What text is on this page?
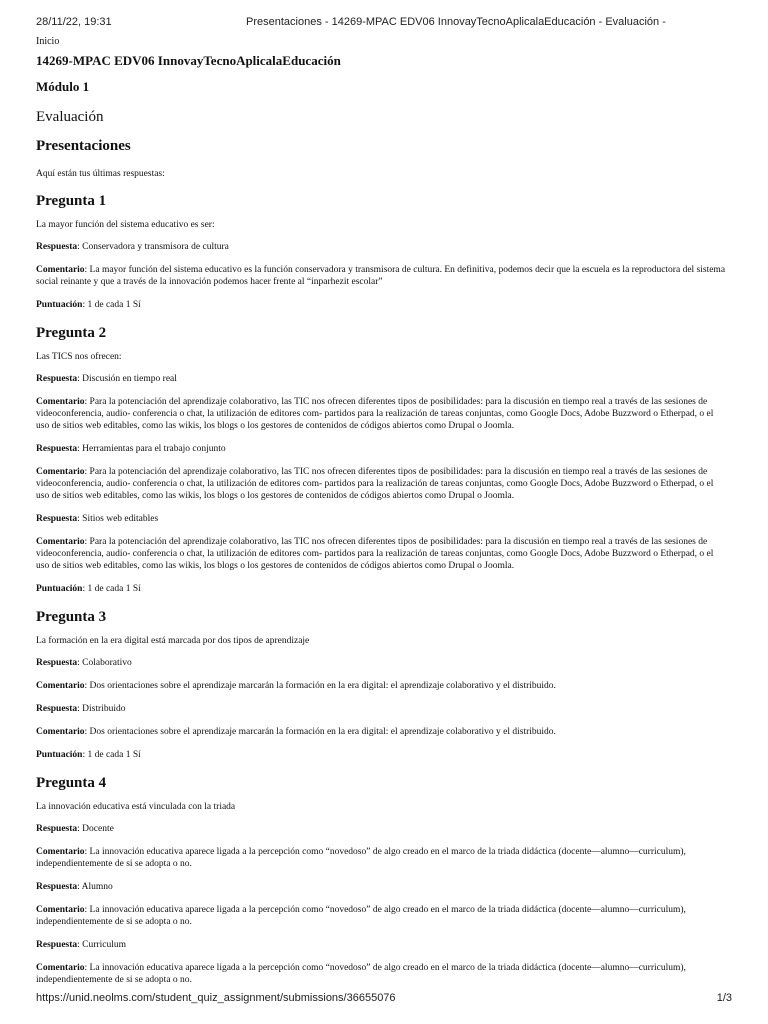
28/11/22, 19:31	Presentaciones - 14269-MPAC EDV06 InnovayTecnoAplicalaEducación - Evaluación -
Inicio
14269-MPAC EDV06 InnovayTecnoAplicalaEducación
Módulo 1
Evaluación
Presentaciones
Aquí están tus últimas respuestas:
Pregunta 1
La mayor función del sistema educativo es ser:
Respuesta: Conservadora y transmisora de cultura
Comentario: La mayor función del sistema educativo es la función conservadora y transmisora de cultura. En definitiva, podemos decir que la escuela es la reproductora del sistema social reinante y que a través de la innovación podemos hacer frente al “inparhezit escolar”
Puntuación: 1 de cada 1 Sí
Pregunta 2
Las TICS nos ofrecen:
Respuesta: Discusión en tiempo real
Comentario: Para la potenciación del aprendizaje colaborativo, las TIC nos ofrecen diferentes tipos de posibilidades: para la discusión en tiempo real a través de las sesiones de videoconferencia, audio- conferencia o chat, la utilización de editores com- partidos para la realización de tareas conjuntas, como Google Docs, Adobe Buzzword o Etherpad, o el uso de sitios web editables, como las wikis, los blogs o los gestores de contenidos de códigos abiertos como Drupal o Joomla.
Respuesta: Herramientas para el trabajo conjunto
Comentario: Para la potenciación del aprendizaje colaborativo, las TIC nos ofrecen diferentes tipos de posibilidades: para la discusión en tiempo real a través de las sesiones de videoconferencia, audio- conferencia o chat, la utilización de editores com- partidos para la realización de tareas conjuntas, como Google Docs, Adobe Buzzword o Etherpad, o el uso de sitios web editables, como las wikis, los blogs o los gestores de contenidos de códigos abiertos como Drupal o Joomla.
Respuesta: Sitios web editables
Comentario: Para la potenciación del aprendizaje colaborativo, las TIC nos ofrecen diferentes tipos de posibilidades: para la discusión en tiempo real a través de las sesiones de videoconferencia, audio- conferencia o chat, la utilización de editores com- partidos para la realización de tareas conjuntas, como Google Docs, Adobe Buzzword o Etherpad, o el uso de sitios web editables, como las wikis, los blogs o los gestores de contenidos de códigos abiertos como Drupal o Joomla.
Puntuación: 1 de cada 1 Sí
Pregunta 3
La formación en la era digital está marcada por dos tipos de aprendizaje
Respuesta: Colaborativo
Comentario: Dos orientaciones sobre el aprendizaje marcarán la formación en la era digital: el aprendizaje colaborativo y el distribuido.
Respuesta: Distribuido
Comentario: Dos orientaciones sobre el aprendizaje marcarán la formación en la era digital: el aprendizaje colaborativo y el distribuido.
Puntuación: 1 de cada 1 Sí
Pregunta 4
La innovación educativa está vinculada con la triada
Respuesta: Docente
Comentario: La innovación educativa aparece ligada a la percepción como “novedoso” de algo creado en el marco de la triada didáctica (docente—alumno—curriculum), independientemente de si se adopta o no.
Respuesta: Alumno
Comentario: La innovación educativa aparece ligada a la percepción como “novedoso” de algo creado en el marco de la triada didáctica (docente—alumno—curriculum), independientemente de si se adopta o no.
Respuesta: Curriculum
Comentario: La innovación educativa aparece ligada a la percepción como “novedoso” de algo creado en el marco de la triada didáctica (docente—alumno—curriculum), independientemente de si se adopta o no.
https://unid.neolms.com/student_quiz_assignment/submissions/36655076	1/3
